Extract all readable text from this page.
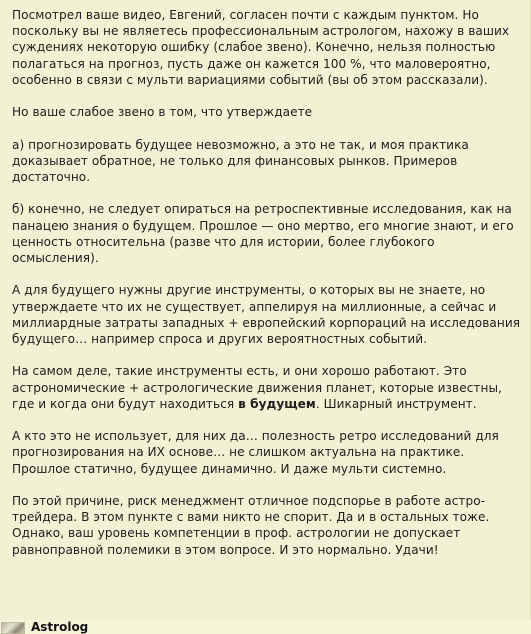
Посмотрел ваше видео, Евгений, согласен почти с каждым пунктом. Но поскольку вы не являетесь профессиональным астрологом, нахожу в ваших суждениях некоторую ошибку (слабое звено). Конечно, нельзя полностью полагаться на прогноз, пусть даже он кажется 100 %, что маловероятно, особенно в связи с мульти вариациями событий (вы об этом рассказали).

Но ваше слабое звено в том, что утверждаете

а) прогнозировать будущее невозможно, а это не так, и моя практика доказывает обратное, не только для финансовых рынков. Примеров достаточно.

б) конечно, не следует опираться на ретроспективные исследования, как на панацею знания о будущем. Прошлое — оно мертво, его многие знают, и его ценность относительна (разве что для истории, более глубокого осмысления).

А для будущего нужны другие инструменты, о которых вы не знаете, но утверждаете что их не существует, аппелируя на миллионные, а сейчас и миллиардные затраты западных + европейский корпораций на исследования будущего… например спроса и других вероятностных событий.

На самом деле, такие инструменты есть, и они хорошо работают. Это астрономические + астрологические движения планет, которые известны, где и когда они будут находиться в будущем. Шикарный инструмент.

А кто это не использует, для них да… полезность ретро исследований для прогнозирования на ИХ основе… не слишком актуальна на практике. Прошлое статично, будущее динамично. И даже мульти системно.

По этой причине, риск менеджмент отличное подспорье в работе астро-трейдера. В этом пункте с вами никто не спорит. Да и в остальных тоже. Однако, ваш уровень компетенции в проф. астрологии не допускает равноправной полемики в этом вопросе. И это нормально. Удачи!

Astrolog
